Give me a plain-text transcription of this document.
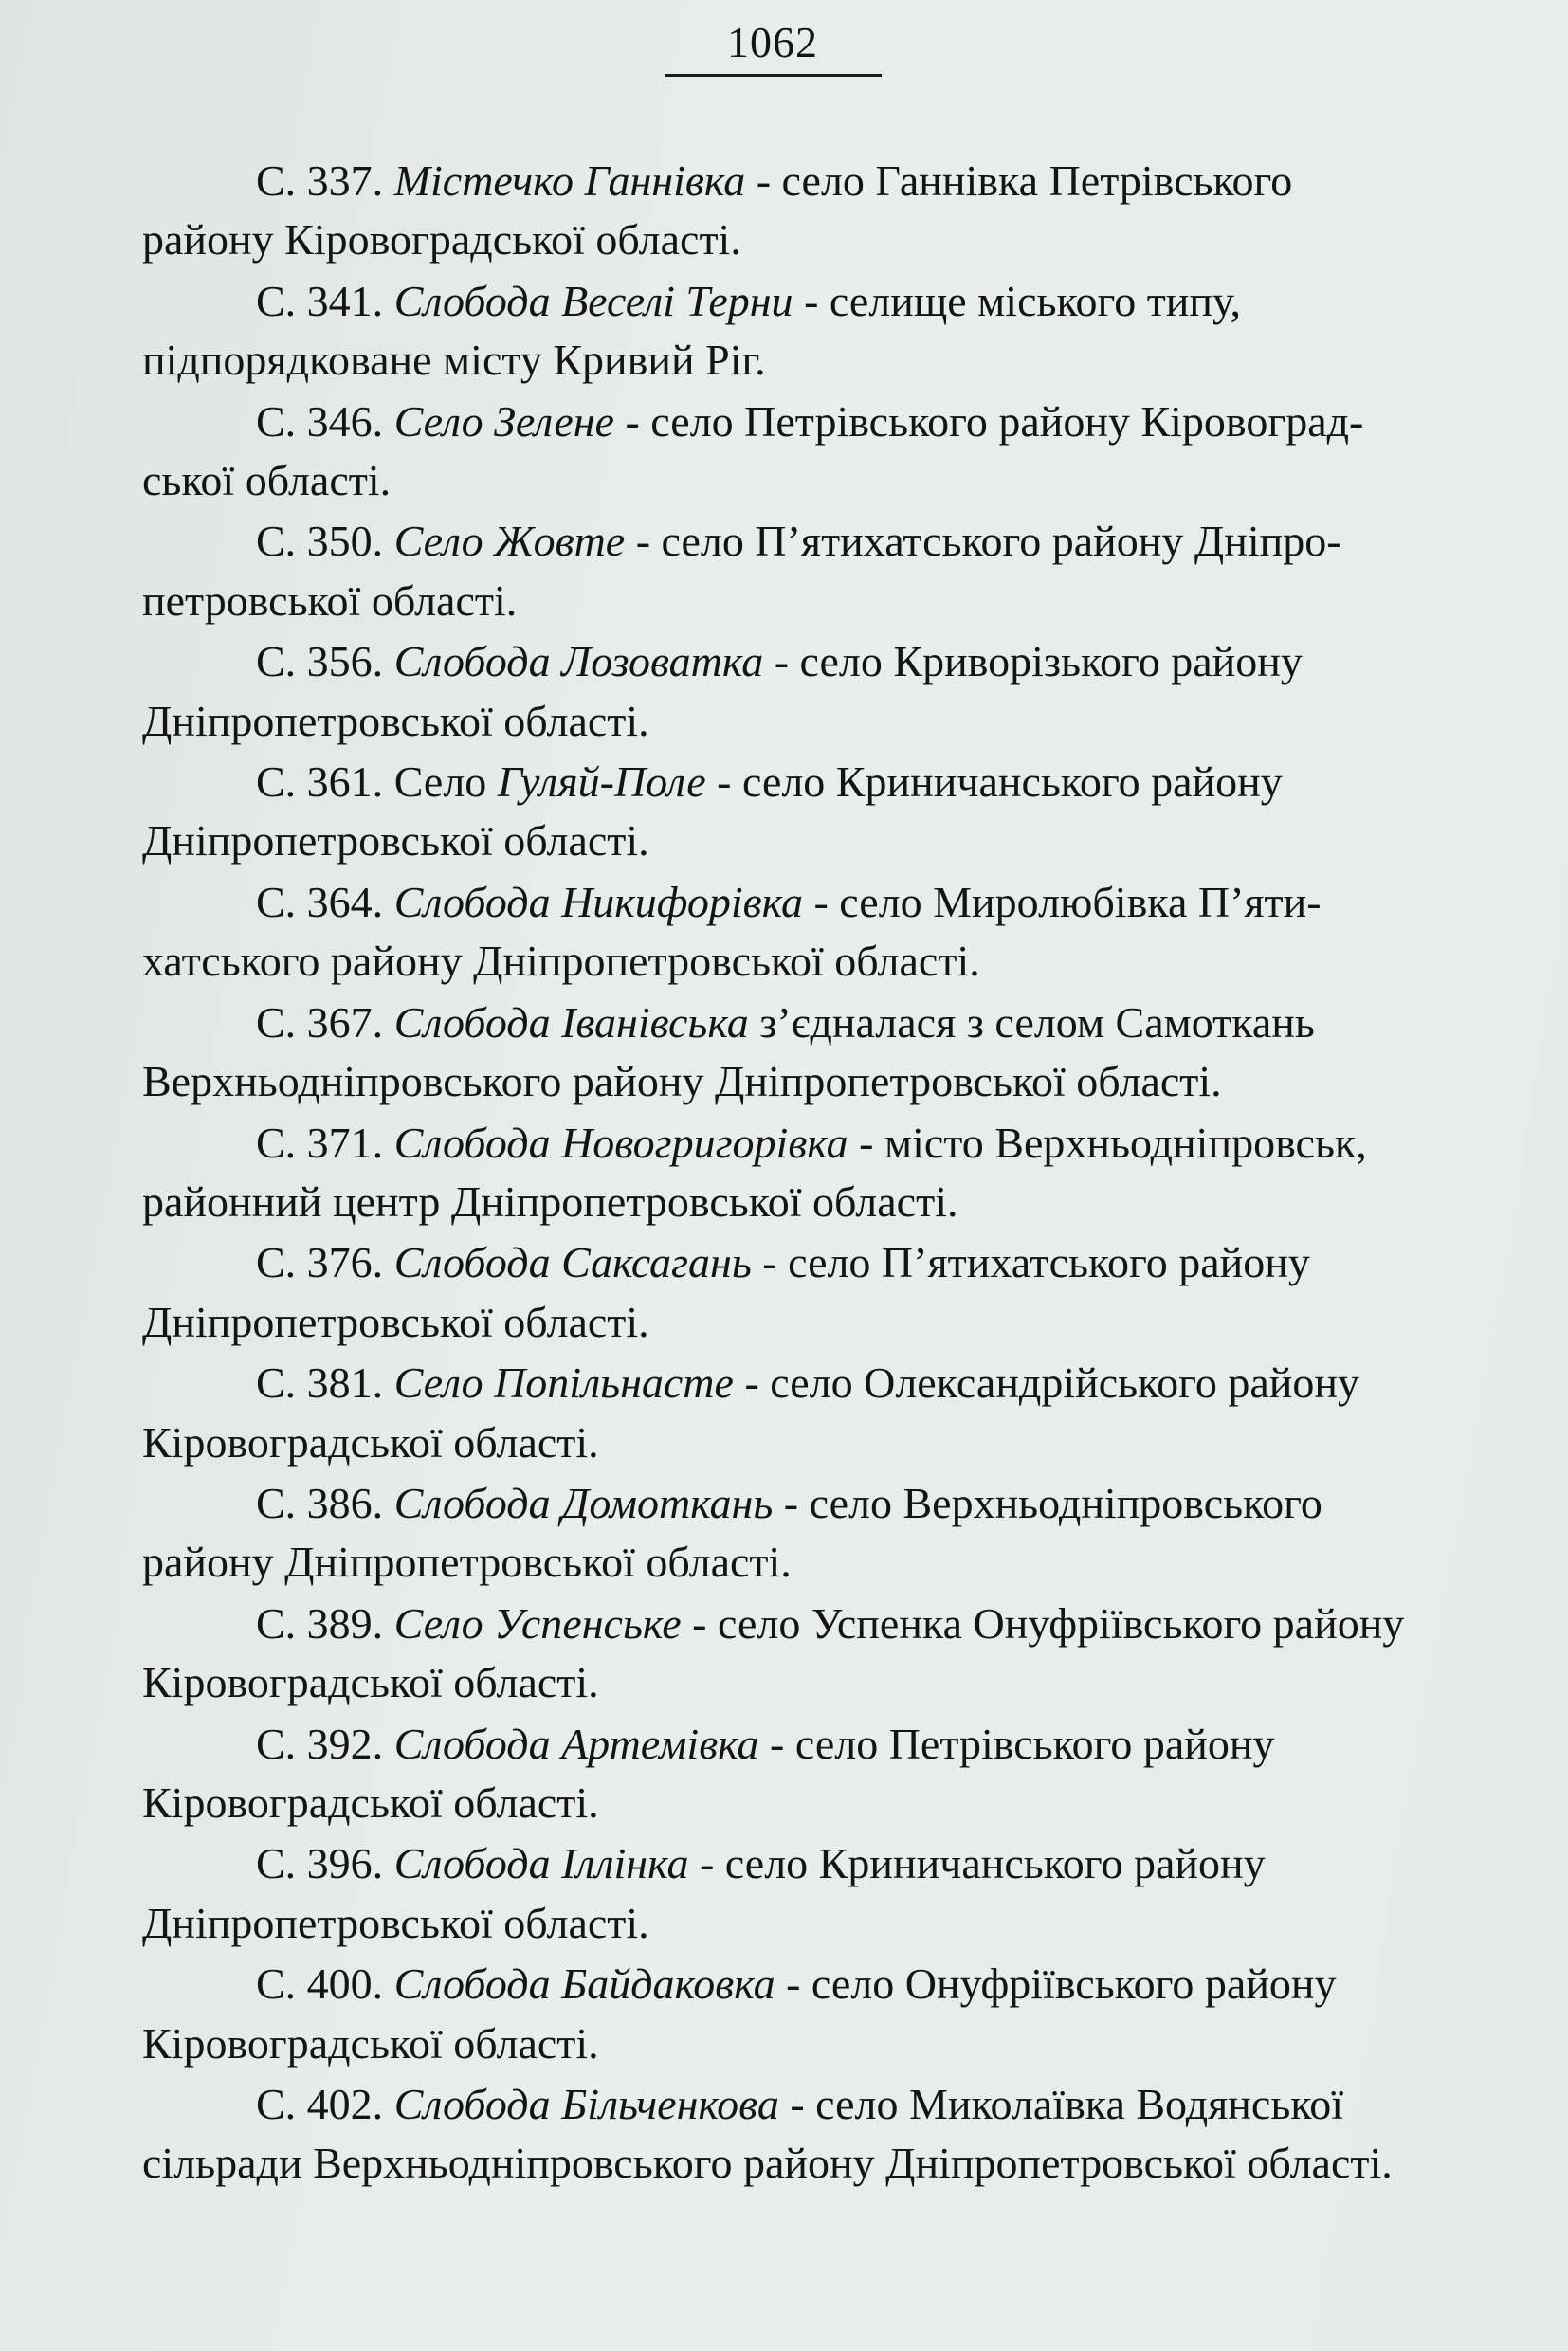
1062
С. 337. Містечко Ганнівка - село Ганнівка Петрівського
району Кіровоградської області.
С. 341. Слобода Веселі Терни - селище міського типу,
підпорядковане місту Кривий Ріг.
С. 346. Село Зелене - село Петрівського району Кіровоград-
ської області.
С. 350. Село Жовте - село П’ятихатського району Дніпро-
петровської області.
С. 356. Слобода Лозоватка - село Криворізького району
Дніпропетровської області.
С. 361. Село Гуляй-Поле - село Криничанського району
Дніпропетровської області.
С. 364. Слобода Никифорівка - село Миролюбівка П’яти-
хатського району Дніпропетровської області.
С. 367. Слобода Іванівська з’єдналася з селом Самоткань
Верхньодніпровського району Дніпропетровської області.
С. 371. Слобода Новогригорівка - місто Верхньодніпровськ,
районний центр Дніпропетровської області.
С. 376. Слобода Саксагань - село П’ятихатського району
Дніпропетровської області.
С. 381. Село Попільнасте - село Олександрійського району
Кіровоградської області.
С. 386. Слобода Домоткань - село Верхньодніпровського
району Дніпропетровської області.
С. 389. Село Успенське - село Успенка Онуфріївського району
Кіровоградської області.
С. 392. Слобода Артемівка - село Петрівського району
Кіровоградської області.
С. 396. Слобода Іллінка - село Криничанського району
Дніпропетровської області.
С. 400. Слобода Байдаковка - село Онуфріївського району
Кіровоградської області.
С. 402. Слобода Більченкова - село Миколаївка Водянської
сільради Верхньодніпровського району Дніпропетровської області.
